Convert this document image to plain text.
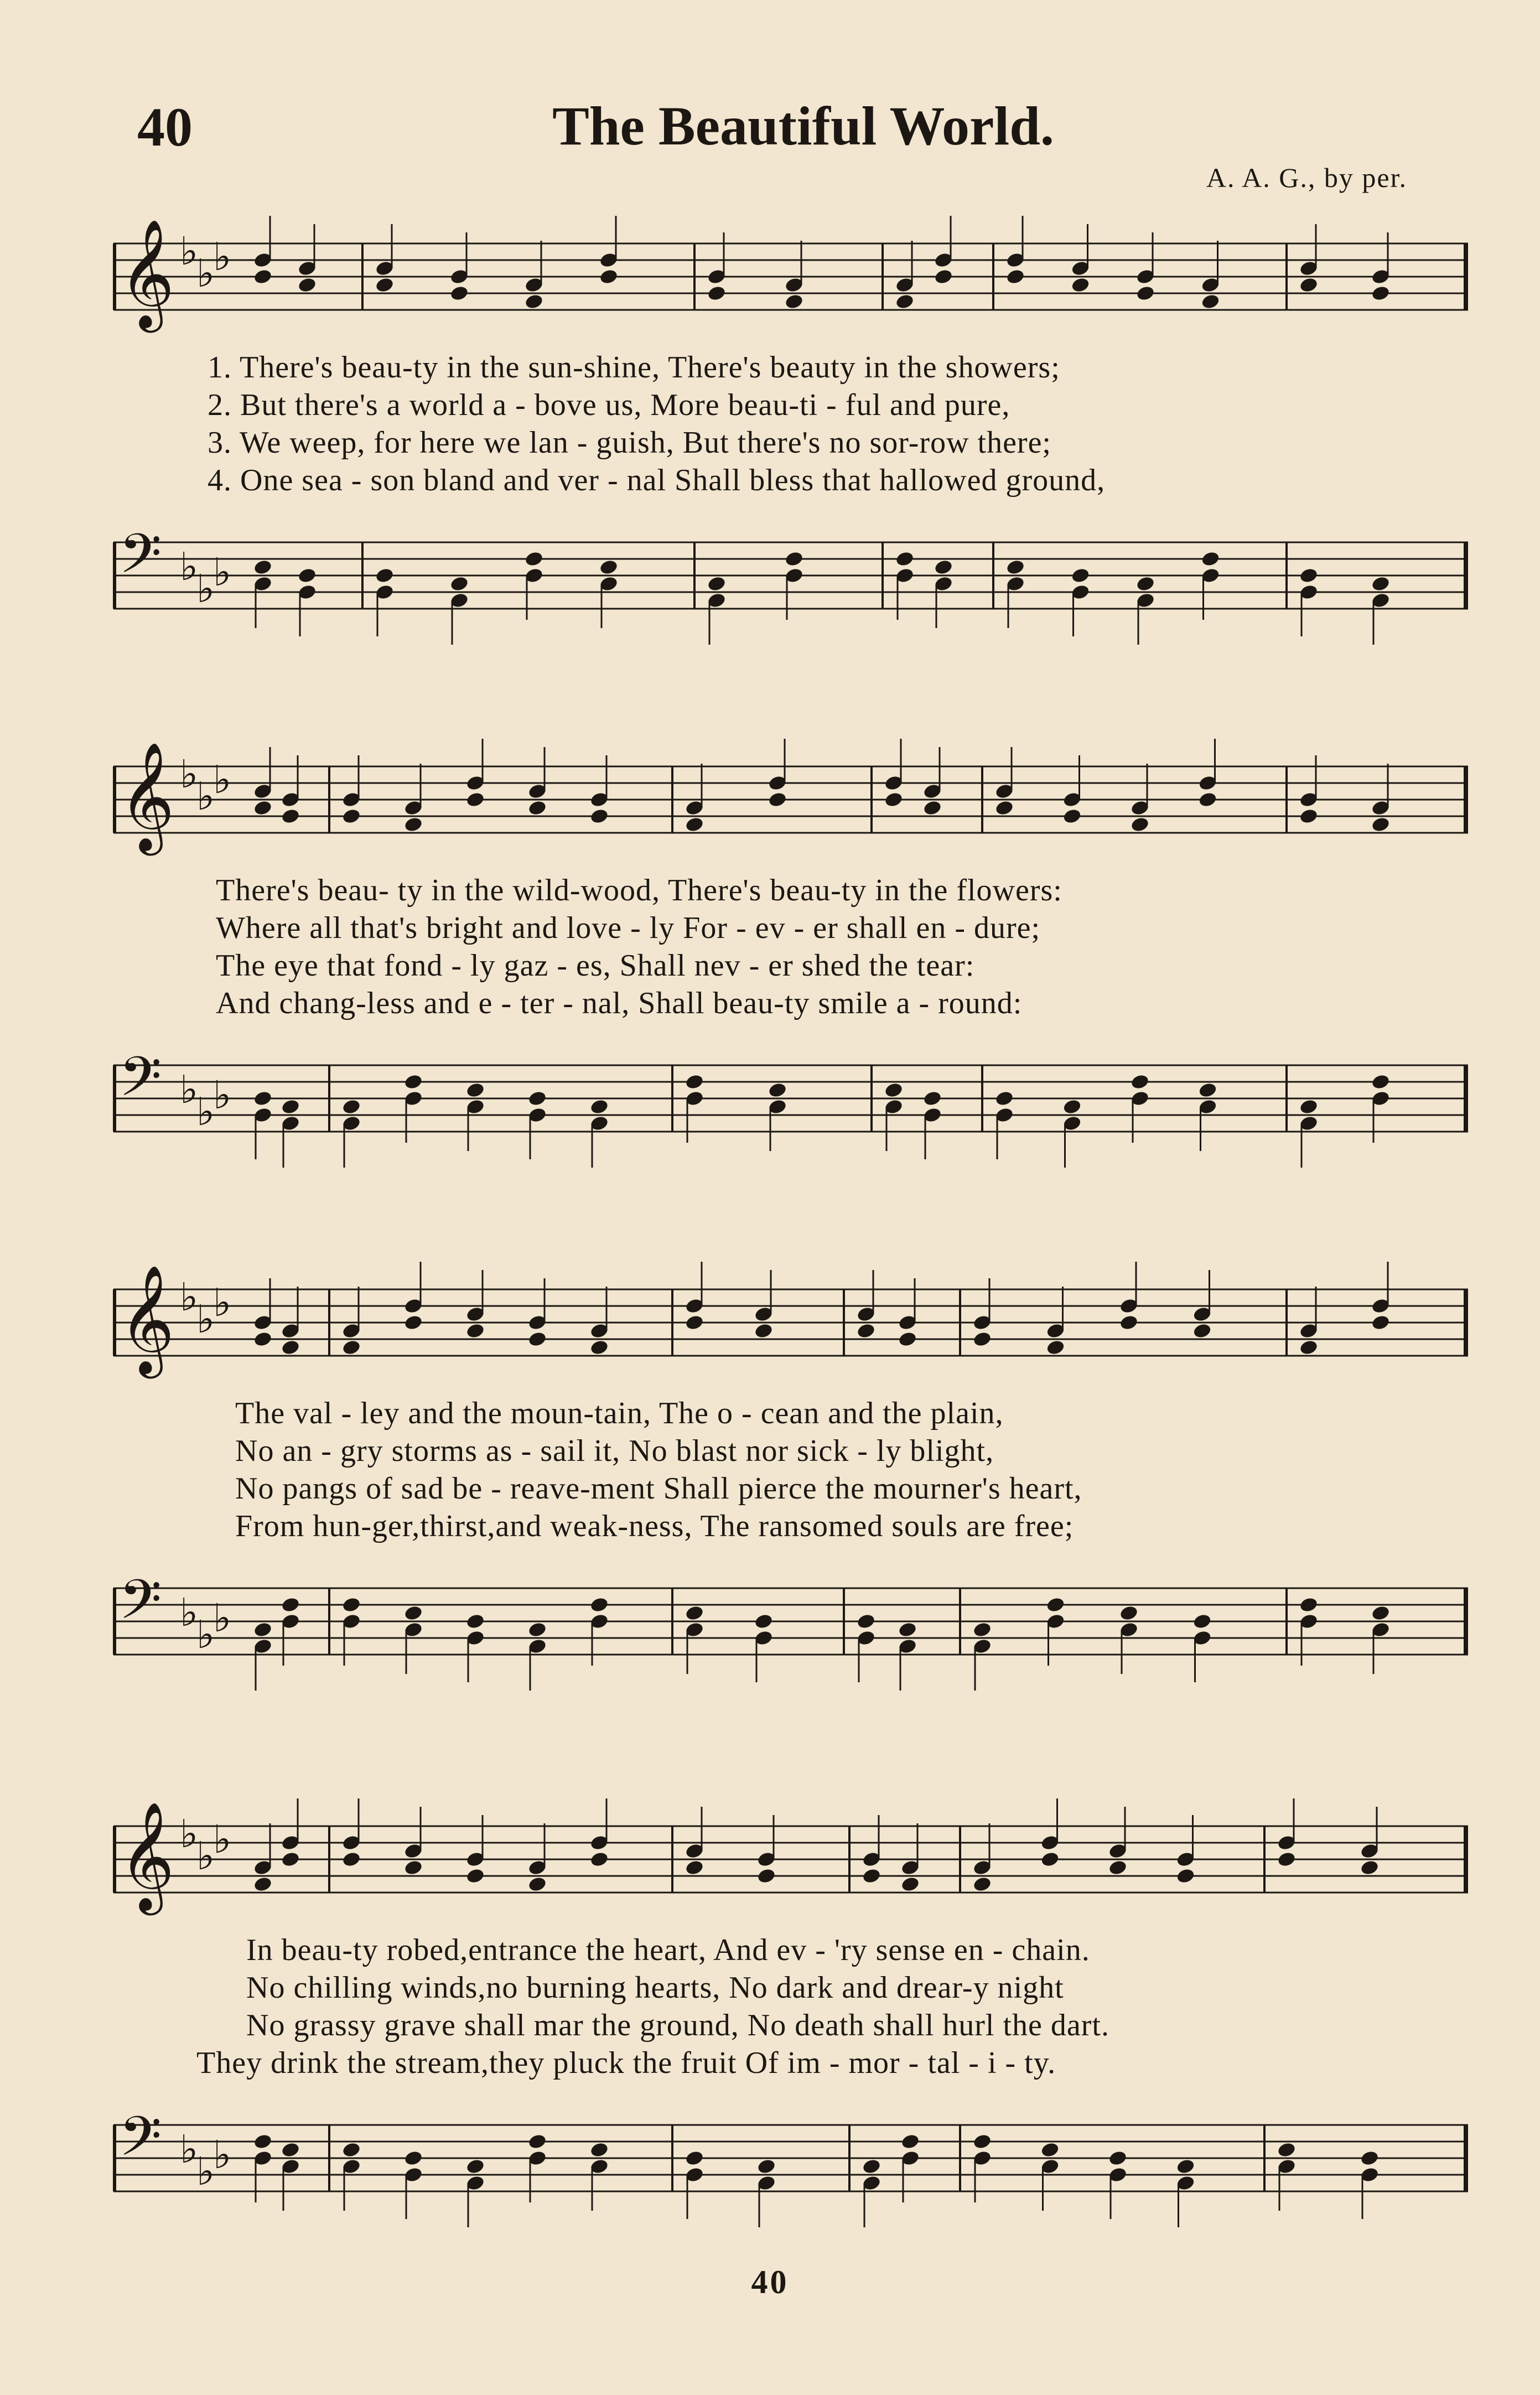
40	The Beautiful World.
A. A. G., by per.
𝄞 ♭
♭
♭
1. There's beau-ty in the sun-shine, There's beauty in the showers;
2. But there's a world a - bove us, More beau-ti - ful and pure,
3. We weep, for here we lan - guish, But there's no sor-row there;
4. One sea - son bland and ver - nal Shall bless that hallowed ground,
𝄢 ♭
♭
♭
𝄞 ♭
♭
♭
There's beau- ty in the wild-wood, There's beau-ty in the flowers:
Where all that's bright and love - ly For - ev - er shall en - dure;
The eye that fond - ly gaz - es, Shall nev - er shed the tear:
And chang-less and e - ter - nal, Shall beau-ty smile a - round:
𝄢 ♭
♭
♭
𝄞 ♭
♭
♭
The val - ley and the moun-tain, The o - cean and the plain,
No an - gry storms as - sail it, No blast nor sick - ly blight,
No pangs of sad be - reave-ment Shall pierce the mourner's heart,
From hun-ger,thirst,and weak-ness, The ransomed souls are free;
𝄢 ♭
♭
♭
𝄞 ♭
♭
♭
In beau-ty robed,entrance the heart, And ev - 'ry sense en - chain.
No chilling winds,no burning hearts, No dark and drear-y night
No grassy grave shall mar the ground, No death shall hurl the dart.
They drink the stream,they pluck the fruit Of im - mor - tal - i - ty.
𝄢 ♭
♭
♭
40
